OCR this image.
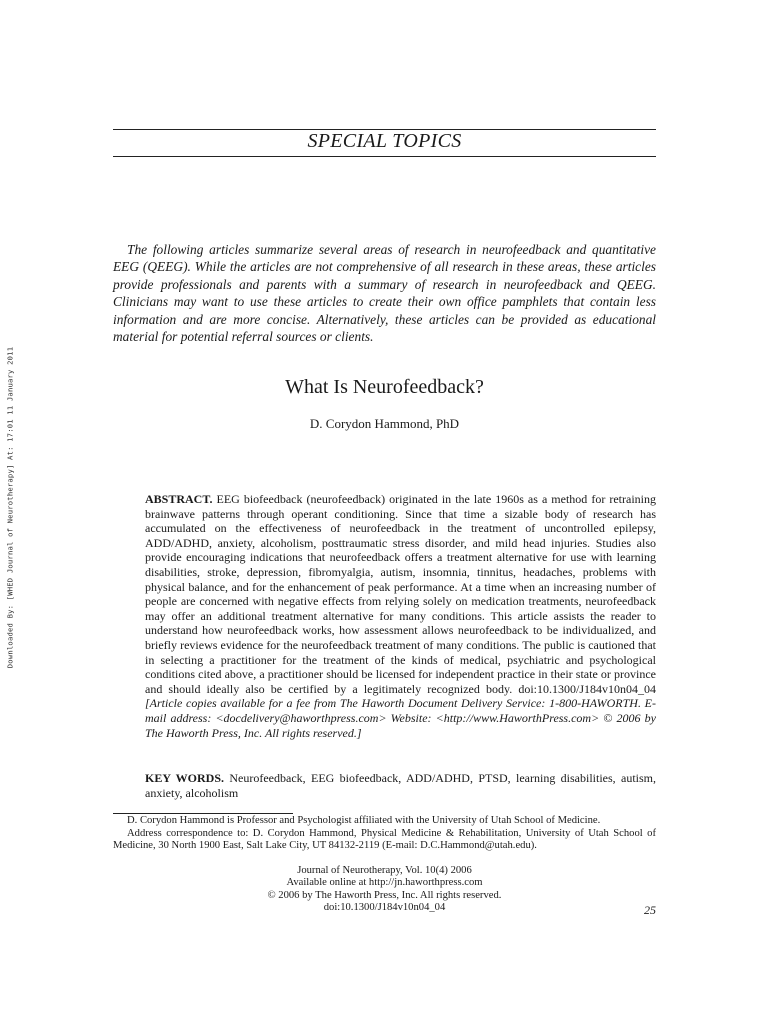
Downloaded By: [WHED Journal of Neurotherapy] At: 17:01 11 January 2011
SPECIAL TOPICS

The following articles summarize several areas of research in neurofeedback and quantitative EEG (QEEG). While the articles are not comprehensive of all research in these areas, these articles provide professionals and parents with a summary of research in neurofeedback and QEEG. Clinicians may want to use these articles to create their own office pamphlets that contain less information and are more concise. Alternatively, these articles can be provided as educational material for potential referral sources or clients.

What Is Neurofeedback?
D. Corydon Hammond, PhD

ABSTRACT. EEG biofeedback (neurofeedback) originated in the late 1960s as a method for retraining brainwave patterns through operant conditioning. Since that time a sizable body of research has accumulated on the effectiveness of neurofeedback in the treatment of uncontrolled epilepsy, ADD/ADHD, anxiety, alcoholism, posttraumatic stress disorder, and mild head injuries. Studies also provide encouraging indications that neurofeedback offers a treatment alternative for use with learning disabilities, stroke, depression, fibromyalgia, autism, insomnia, tinnitus, headaches, problems with physical balance, and for the enhancement of peak performance. At a time when an increasing number of people are concerned with negative effects from relying solely on medication treatments, neurofeedback may offer an additional treatment alternative for many conditions. This article assists the reader to understand how neurofeedback works, how assessment allows neurofeedback to be individualized, and briefly reviews evidence for the neurofeedback treatment of many conditions. The public is cautioned that in selecting a practitioner for the treatment of the kinds of medical, psychiatric and psychological conditions cited above, a practitioner should be licensed for independent practice in their state or province and should ideally also be certified by a legitimately recognized body. doi:10.1300/J184v10n04_04 [Article copies available for a fee from The Haworth Document Delivery Service: 1-800-HAWORTH. E-mail address: <docdelivery@haworthpress.com> Website: <http://www.HaworthPress.com> © 2006 by The Haworth Press, Inc. All rights reserved.]

KEY WORDS. Neurofeedback, EEG biofeedback, ADD/ADHD, PTSD, learning disabilities, autism, anxiety, alcoholism

D. Corydon Hammond is Professor and Psychologist affiliated with the University of Utah School of Medicine.
Address correspondence to: D. Corydon Hammond, Physical Medicine & Rehabilitation, University of Utah School of Medicine, 30 North 1900 East, Salt Lake City, UT 84132-2119 (E-mail: D.C.Hammond@utah.edu).

Journal of Neurotherapy, Vol. 10(4) 2006
Available online at http://jn.haworthpress.com
© 2006 by The Haworth Press, Inc. All rights reserved.
doi:10.1300/J184v10n04_04	25
